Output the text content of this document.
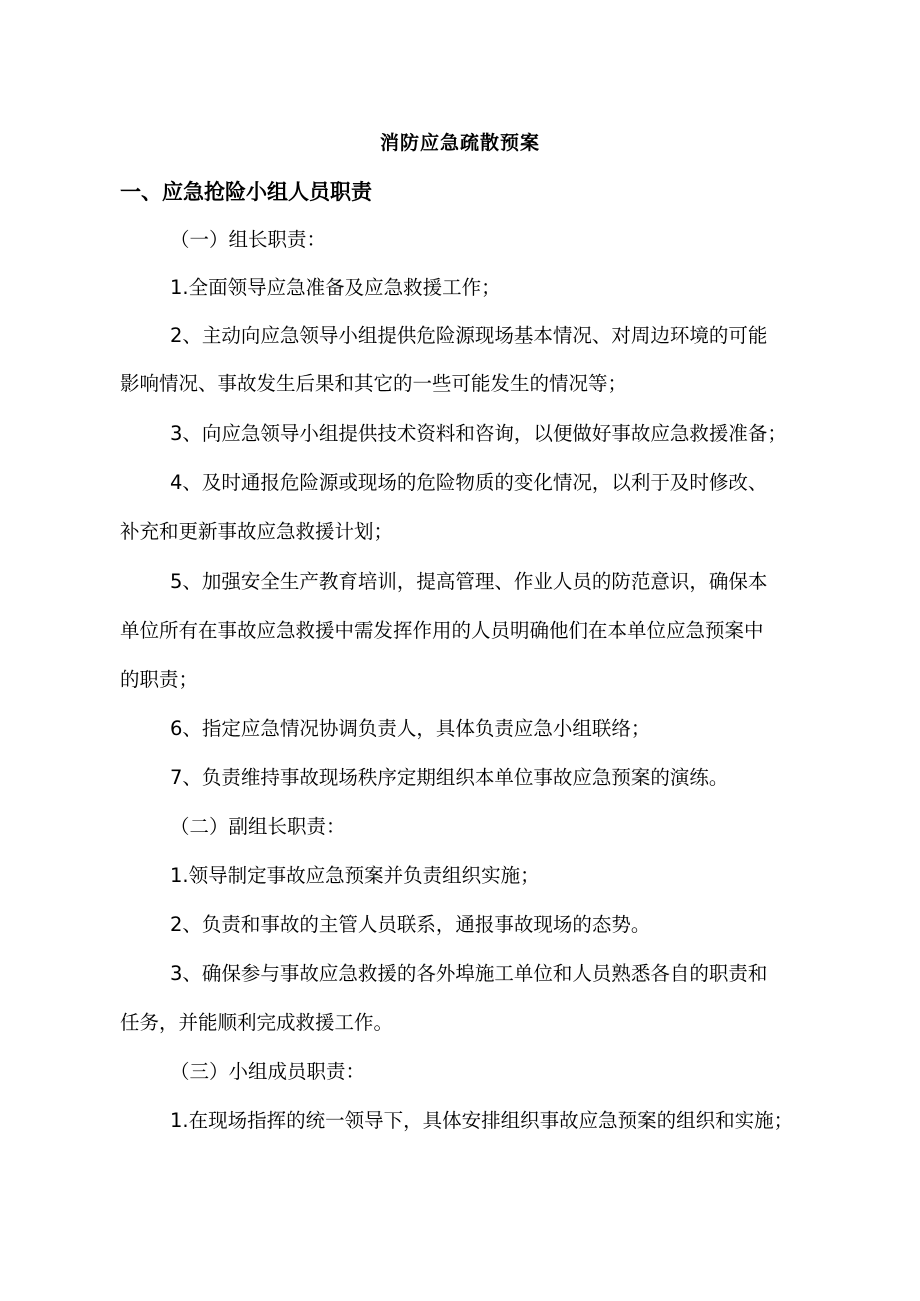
消防应急疏散预案
一、应急抢险小组人员职责
（一）组长职责：
1.全面领导应急准备及应急救援工作；
2、主动向应急领导小组提供危险源现场基本情况、对周边环境的可能
影响情况、事故发生后果和其它的一些可能发生的情况等；
3、向应急领导小组提供技术资料和咨询，以便做好事故应急救援准备；
4、及时通报危险源或现场的危险物质的变化情况，以利于及时修改、
补充和更新事故应急救援计划；
5、加强安全生产教育培训，提高管理、作业人员的防范意识，确保本
单位所有在事故应急救援中需发挥作用的人员明确他们在本单位应急预案中
的职责；
6、指定应急情况协调负责人，具体负责应急小组联络；
7、负责维持事故现场秩序定期组织本单位事故应急预案的演练。
（二）副组长职责：
1.领导制定事故应急预案并负责组织实施；
2、负责和事故的主管人员联系，通报事故现场的态势。
3、确保参与事故应急救援的各外埠施工单位和人员熟悉各自的职责和
任务，并能顺利完成救援工作。
（三）小组成员职责：
1.在现场指挥的统一领导下，具体安排组织事故应急预案的组织和实施；
